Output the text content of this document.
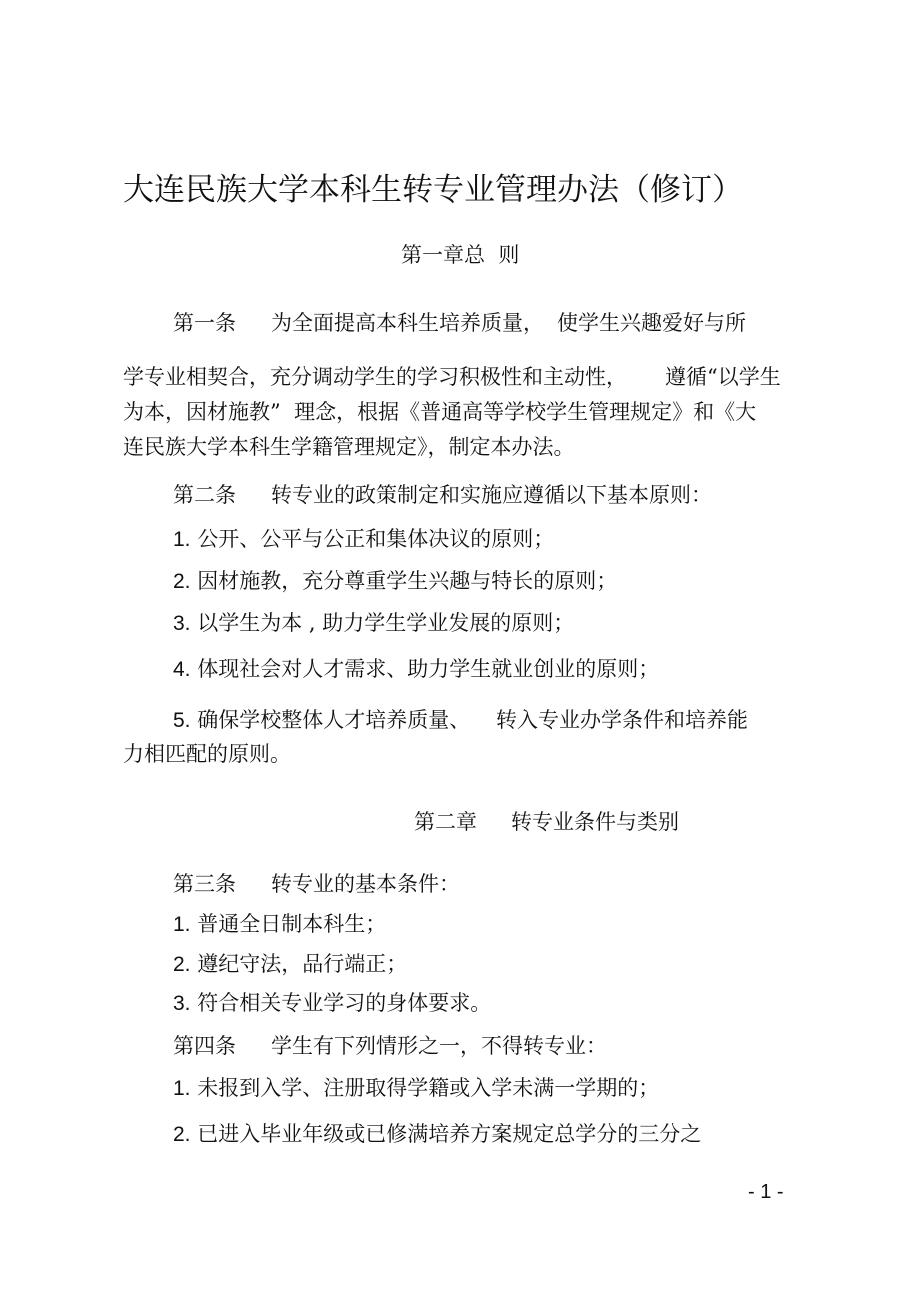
大连民族大学本科生转专业管理办法（修订）
第一章总  则
第一条 为全面提高本科生培养质量， 使学生兴趣爱好与所
学专业相契合，充分调动学生的学习积极性和主动性， 遵循“以学生
为本，因材施教”  理念，根据《普通高等学校学生管理规定》和《大
连民族大学本科生学籍管理规定》，制定本办法。
第二条 转专业的政策制定和实施应遵循以下基本原则：
1. 公开、公平与公正和集体决议的原则；
2. 因材施教，充分尊重学生兴趣与特长的原则；
3. 以学生为本 , 助力学生学业发展的原则；
4. 体现社会对人才需求、助力学生就业创业的原则；
5. 确保学校整体人才培养质量、 转入专业办学条件和培养能
力相匹配的原则。
第二章 转专业条件与类别
第三条 转专业的基本条件：
1. 普通全日制本科生；
2. 遵纪守法，品行端正；
3. 符合相关专业学习的身体要求。
第四条 学生有下列情形之一，不得转专业：
1. 未报到入学、注册取得学籍或入学未满一学期的；
2. 已进入毕业年级或已修满培养方案规定总学分的三分之
- 1 -
